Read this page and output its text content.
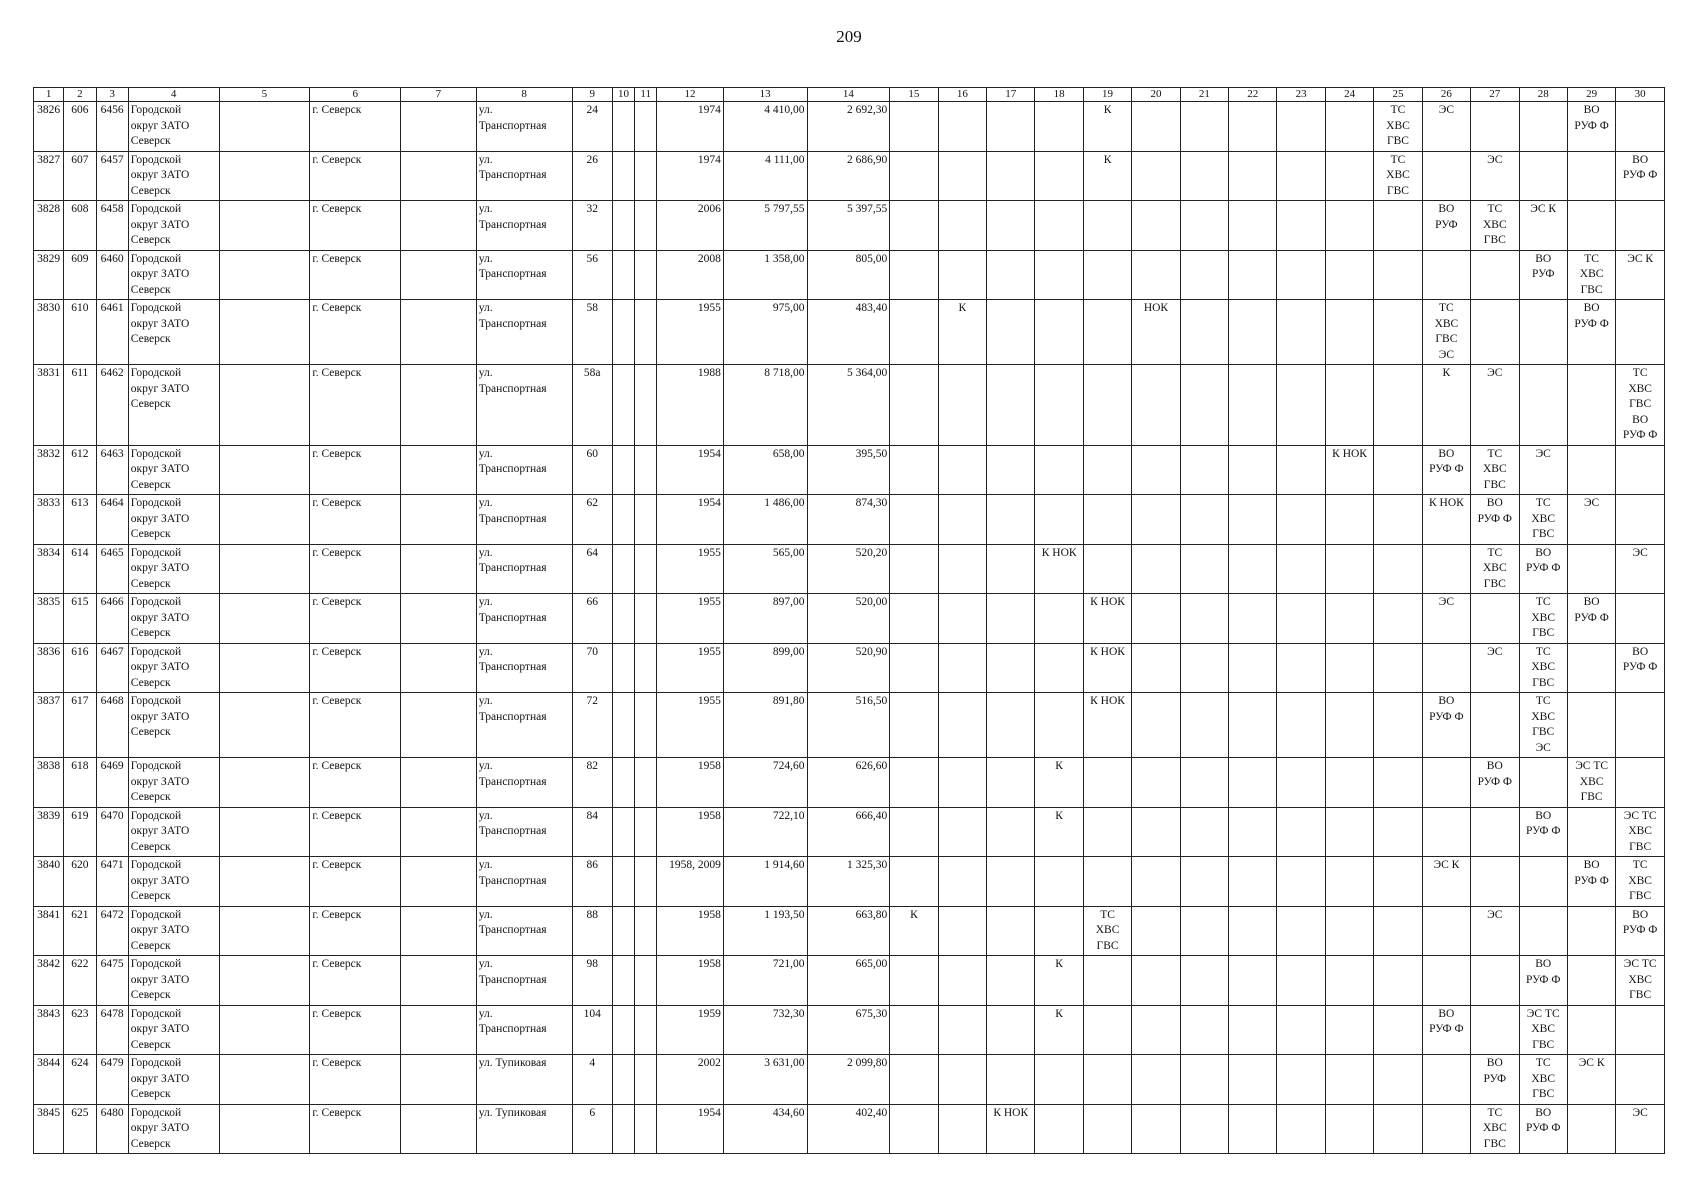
209
1	2	3	4	5	6	7	8	9	10	11	12	13	14	15	16	17	18	19	20	21	22	23	24	25	26	27	28	29	30
3826	606	6456	Городской
округ ЗАТО
Северск		г. Северск		ул.
Транспортная	24			1974	4 410,00	2 692,30					К						ТС
ХВС
ГВС	ЭС			ВО
РУФ Ф	
3827	607	6457	Городской
округ ЗАТО
Северск		г. Северск		ул.
Транспортная	26			1974	4 111,00	2 686,90					К						ТС
ХВС
ГВС		ЭС			ВО
РУФ Ф
3828	608	6458	Городской
округ ЗАТО
Северск		г. Северск		ул.
Транспортная	32			2006	5 797,55	5 397,55												ВО
РУФ	ТС
ХВС
ГВС	ЭС К		
3829	609	6460	Городской
округ ЗАТО
Северск		г. Северск		ул.
Транспортная	56			2008	1 358,00	805,00														ВО
РУФ	ТС
ХВС
ГВС	ЭС К
3830	610	6461	Городской
округ ЗАТО
Северск		г. Северск		ул.
Транспортная	58			1955	975,00	483,40		К				НОК						ТС
ХВС
ГВС
ЭС			ВО
РУФ Ф	
3831	611	6462	Городской
округ ЗАТО
Северск		г. Северск		ул.
Транспортная	58а			1988	8 718,00	5 364,00												К	ЭС			ТС
ХВС
ГВС
ВО
РУФ Ф
3832	612	6463	Городской
округ ЗАТО
Северск		г. Северск		ул.
Транспортная	60			1954	658,00	395,50										К НОК		ВО
РУФ Ф	ТС
ХВС
ГВС	ЭС		
3833	613	6464	Городской
округ ЗАТО
Северск		г. Северск		ул.
Транспортная	62			1954	1 486,00	874,30												К НОК	ВО
РУФ Ф	ТС
ХВС
ГВС	ЭС	
3834	614	6465	Городской
округ ЗАТО
Северск		г. Северск		ул.
Транспортная	64			1955	565,00	520,20				К НОК									ТС
ХВС
ГВС	ВО
РУФ Ф		ЭС
3835	615	6466	Городской
округ ЗАТО
Северск		г. Северск		ул.
Транспортная	66			1955	897,00	520,00					К НОК							ЭС		ТС
ХВС
ГВС	ВО
РУФ Ф	
3836	616	6467	Городской
округ ЗАТО
Северск		г. Северск		ул.
Транспортная	70			1955	899,00	520,90					К НОК								ЭС	ТС
ХВС
ГВС		ВО
РУФ Ф
3837	617	6468	Городской
округ ЗАТО
Северск		г. Северск		ул.
Транспортная	72			1955	891,80	516,50					К НОК							ВО
РУФ Ф		ТС
ХВС
ГВС
ЭС		
3838	618	6469	Городской
округ ЗАТО
Северск		г. Северск		ул.
Транспортная	82			1958	724,60	626,60				К									ВО
РУФ Ф		ЭС ТС
ХВС
ГВС	
3839	619	6470	Городской
округ ЗАТО
Северск		г. Северск		ул.
Транспортная	84			1958	722,10	666,40				К										ВО
РУФ Ф		ЭС ТС
ХВС
ГВС
3840	620	6471	Городской
округ ЗАТО
Северск		г. Северск		ул.
Транспортная	86			1958, 2009	1 914,60	1 325,30												ЭС К			ВО
РУФ Ф	ТС
ХВС
ГВС
3841	621	6472	Городской
округ ЗАТО
Северск		г. Северск		ул.
Транспортная	88			1958	1 193,50	663,80	К				ТС
ХВС
ГВС								ЭС			ВО
РУФ Ф
3842	622	6475	Городской
округ ЗАТО
Северск		г. Северск		ул.
Транспортная	98			1958	721,00	665,00				К										ВО
РУФ Ф		ЭС ТС
ХВС
ГВС
3843	623	6478	Городской
округ ЗАТО
Северск		г. Северск		ул.
Транспортная	104			1959	732,30	675,30				К								ВО
РУФ Ф		ЭС ТС
ХВС
ГВС		
3844	624	6479	Городской
округ ЗАТО
Северск		г. Северск		ул. Тупиковая	4			2002	3 631,00	2 099,80													ВО
РУФ	ТС
ХВС
ГВС	ЭС К	
3845	625	6480	Городской
округ ЗАТО
Северск		г. Северск		ул. Тупиковая	6			1954	434,60	402,40			К НОК										ТС
ХВС
ГВС	ВО
РУФ Ф		ЭС
